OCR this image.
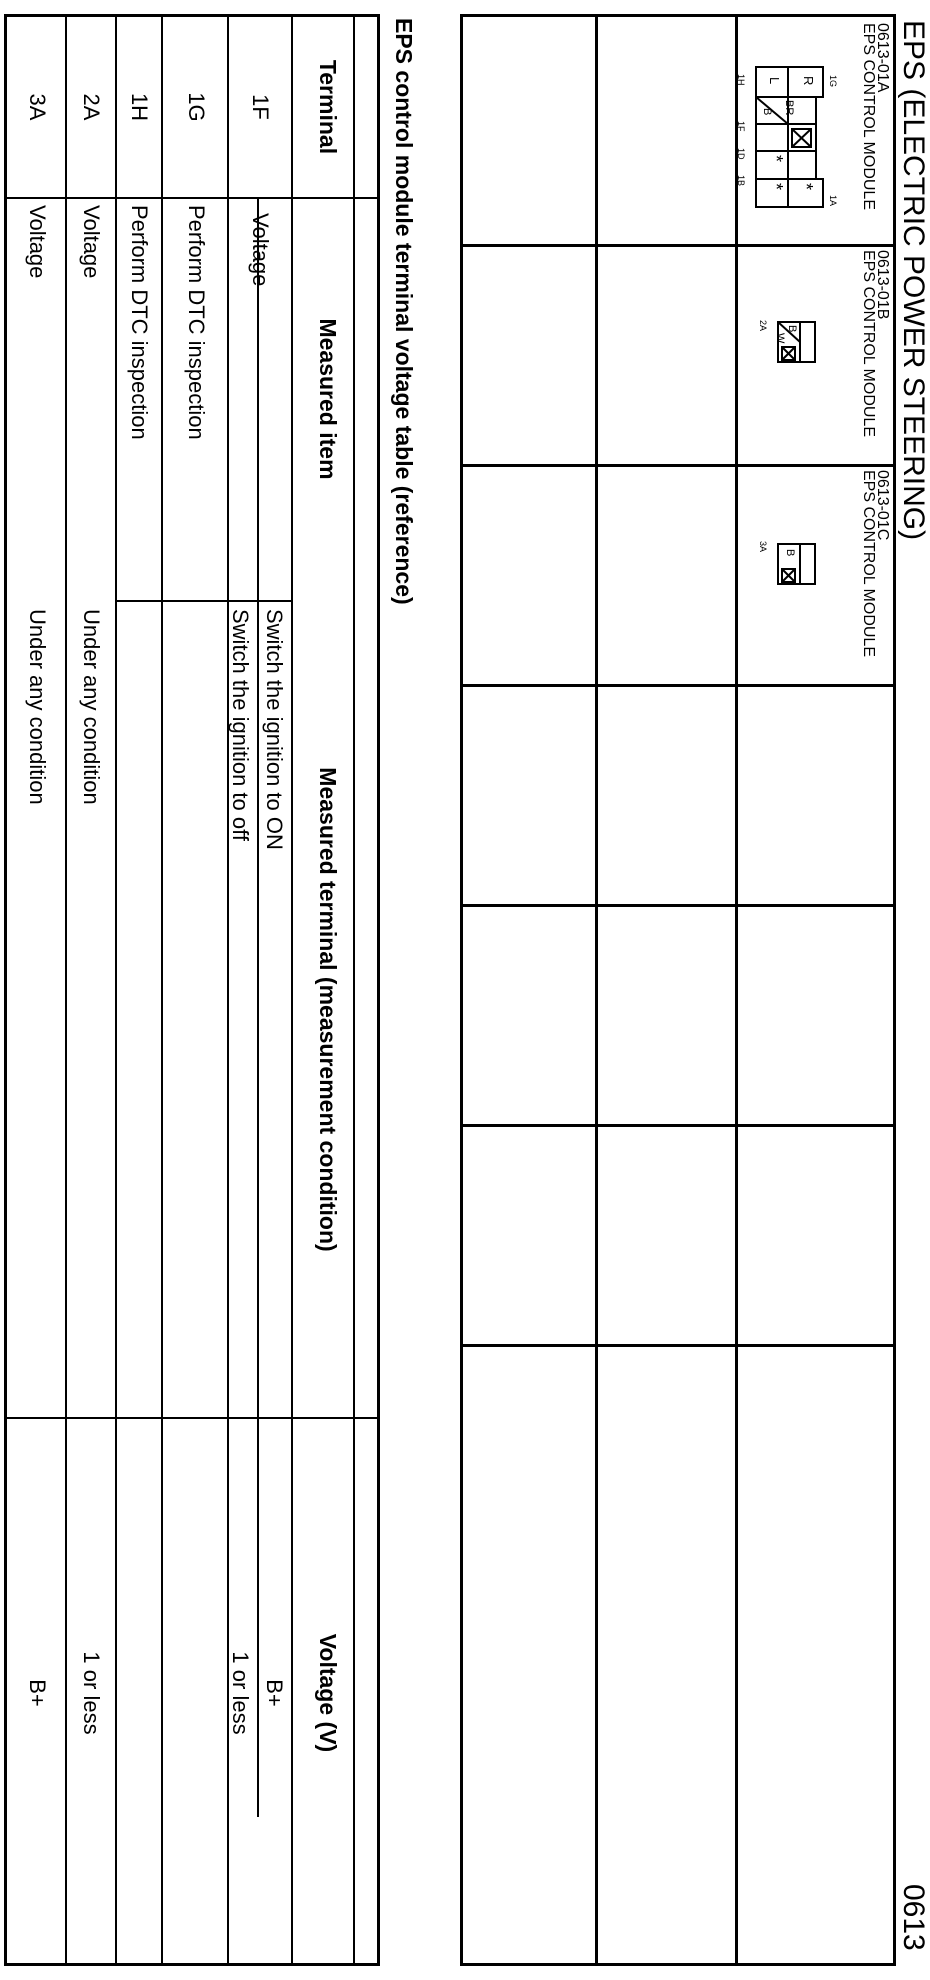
EPS (ELECTRIC POWER STEERING)
0613
0613-01A
EPS CONTROL MODULE
1G
1A
1H
1F
1D
1B
R
L
BR
B
*
*
*
0613-01B
EPS CONTROL MODULE
2A B
W
0613-01C
EPS CONTROL MODULE
3A
B
EPS control module terminal voltage table (reference)
Terminal
Measured item
Measured terminal (measurement condition)
Voltage (V)
1F
Voltage
Switch the ignition to ON
B+
Switch the ignition to off
1 or less
1G
Perform DTC inspection
1H
Perform DTC inspection
2A
Voltage
Under any condition
1 or less
3A
Voltage
Under any condition
B+
